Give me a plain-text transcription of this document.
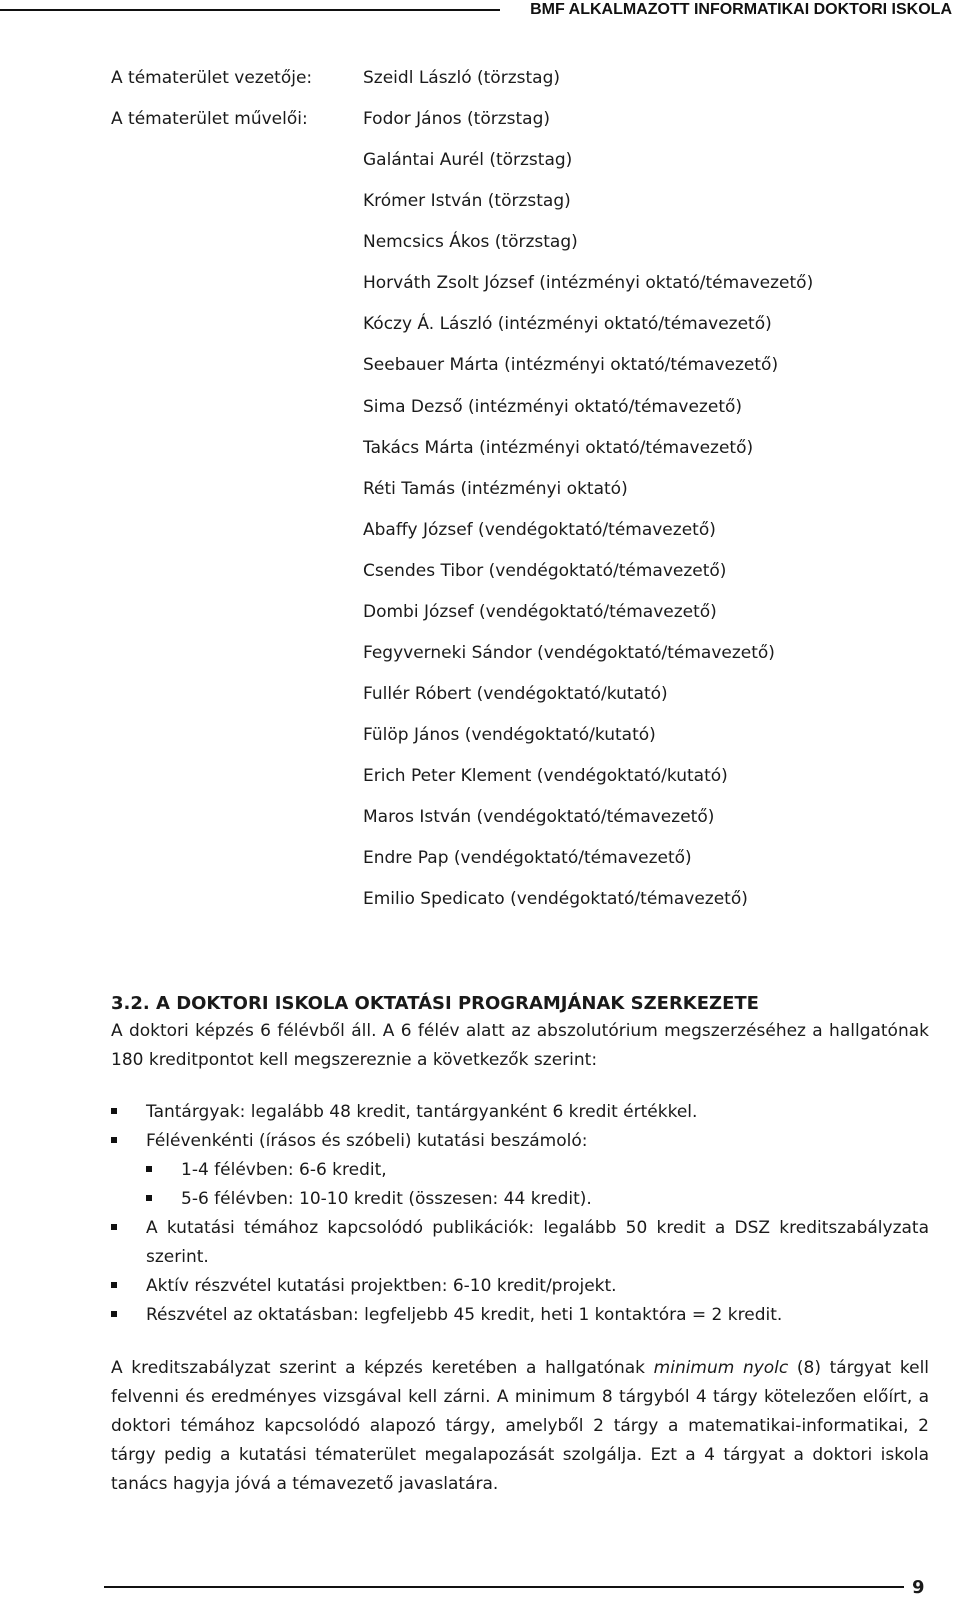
BMF ALKALMAZOTT INFORMATIKAI DOKTORI ISKOLA
A tématerület vezetője:
A tématerület művelői:
Szeidl László (törzstag)
Fodor János (törzstag)
Galántai Aurél (törzstag)
Krómer István (törzstag)
Nemcsics Ákos (törzstag)
Horváth Zsolt József (intézményi oktató/témavezető)
Kóczy Á. László (intézményi oktató/témavezető)
Seebauer Márta (intézményi oktató/témavezető)
Sima Dezső (intézményi oktató/témavezető)
Takács Márta (intézményi oktató/témavezető)
Réti Tamás (intézményi oktató)
Abaffy József (vendégoktató/témavezető)
Csendes Tibor (vendégoktató/témavezető)
Dombi József (vendégoktató/témavezető)
Fegyverneki Sándor (vendégoktató/témavezető)
Fullér Róbert (vendégoktató/kutató)
Fülöp János (vendégoktató/kutató)
Erich Peter Klement (vendégoktató/kutató)
Maros István (vendégoktató/témavezető)
Endre Pap (vendégoktató/témavezető)
Emilio Spedicato (vendégoktató/témavezető)
3.2. A DOKTORI ISKOLA OKTATÁSI PROGRAMJÁNAK SZERKEZETE
A doktori képzés 6 félévből áll. A 6 félév alatt az abszolutórium megszerzéséhez a hallgatónak 180 kreditpontot kell megszereznie a következők szerint:
Tantárgyak: legalább 48 kredit, tantárgyanként 6 kredit értékkel.
Félévenkénti (írásos és szóbeli) kutatási beszámoló:
1-4 félévben: 6-6 kredit,
5-6 félévben: 10-10 kredit (összesen: 44 kredit).
A kutatási témához kapcsolódó publikációk: legalább 50 kredit a DSZ kreditszabályzata szerint.
Aktív részvétel kutatási projektben: 6-10 kredit/projekt.
Részvétel az oktatásban: legfeljebb 45 kredit, heti 1 kontaktóra = 2 kredit.
A kreditszabályzat szerint a képzés keretében a hallgatónak minimum nyolc (8) tárgyat kell felvenni és eredményes vizsgával kell zárni. A minimum 8 tárgyból 4 tárgy kötelezően előírt, a doktori témához kapcsolódó alapozó tárgy, amelyből 2 tárgy a matematikai-informatikai, 2 tárgy pedig a kutatási tématerület megalapozását szolgálja. Ezt a 4 tárgyat a doktori iskola tanács hagyja jóvá a témavezető javaslatára.
9
